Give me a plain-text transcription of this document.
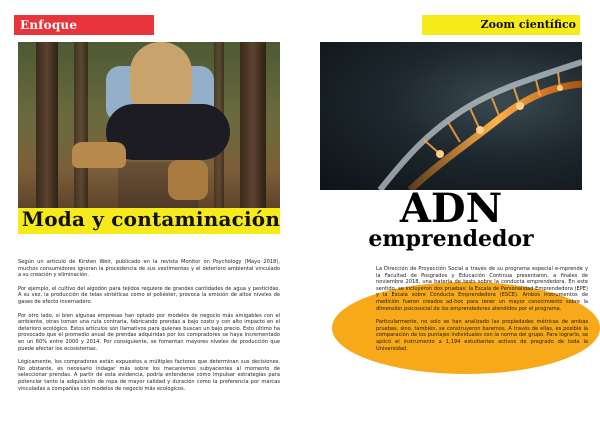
Enfoque
Moda y contaminación

Según un artículo de Kirsten Weir, publicado en la revista Monitor on Psychology (Mayo 2018), muchos consumidores ignoran la procedencia de sus vestimentas y el deterioro ambiental vinculado a su creación y eliminación.

Por ejemplo, el cultivo del algodón para tejidos requiere de grandes cantidades de agua y pesticidas. A su vez, la producción de telas sintéticas como el poliéster, provoca la emisión de altos niveles de gases de efecto invernadero.

Por otro lado, si bien algunas empresas han optado por modelos de negocio más amigables con el ambiente, otras toman una ruta contraria, fabricando prendas a bajo costo y con alto impacto en el deterioro ecológico. Estos artículos son llamativos para quienes buscan un bajo precio. Esto último ha provocado que el promedio anual de prendas adquiridas por los compradores se haya incrementado en un 60% entre 2000 y 2014. Por consiguiente, se fomentan mayores niveles de producción que puede afectar los ecosistemas.

Lógicamente, los compradores están expuestos a múltiples factores que determinan sus decisiones. No obstante, es necesario indagar más sobre los mecanismos subyacentes al momento de seleccionar prendas. A partir de esta evidencia, podría entenderse cómo impulsar estrategias para potenciar tanto la adquisición de ropa de mayor calidad y duración como la preferencia por marcas vinculadas a compañías con modelos de negocio más ecológicos.

Zoom científico
ADN
emprendedor

La Dirección de Proyección Social a través de su programa especial e-mprende y la Facultad de Posgrados y Educación Continua presentaron, a finales de noviembre 2018, una batería de tests sobre la conducta emprendedora. En este sentido, se incluyeron dos pruebas: la Escala de Personalidad Emprendedora (EPE) y la Escala sobre Conducta Emprendedora (ESCE). Ambos instrumentos de medición fueron creados ad-hoc para tener un mayor conocimiento sobre la dimensión psicosocial de los emprendedores atendidos por el programa.

Particularmente, no solo se han analizado las propiedades métricas de ambas pruebas, sino, también, se construyeron baremos. A través de ellas, es posible la comparación de los puntajes individuales con la norma del grupo. Para lograrlo, se aplicó el instrumento a 1,194 estudiantes activos de pregrado de toda la Universidad.
